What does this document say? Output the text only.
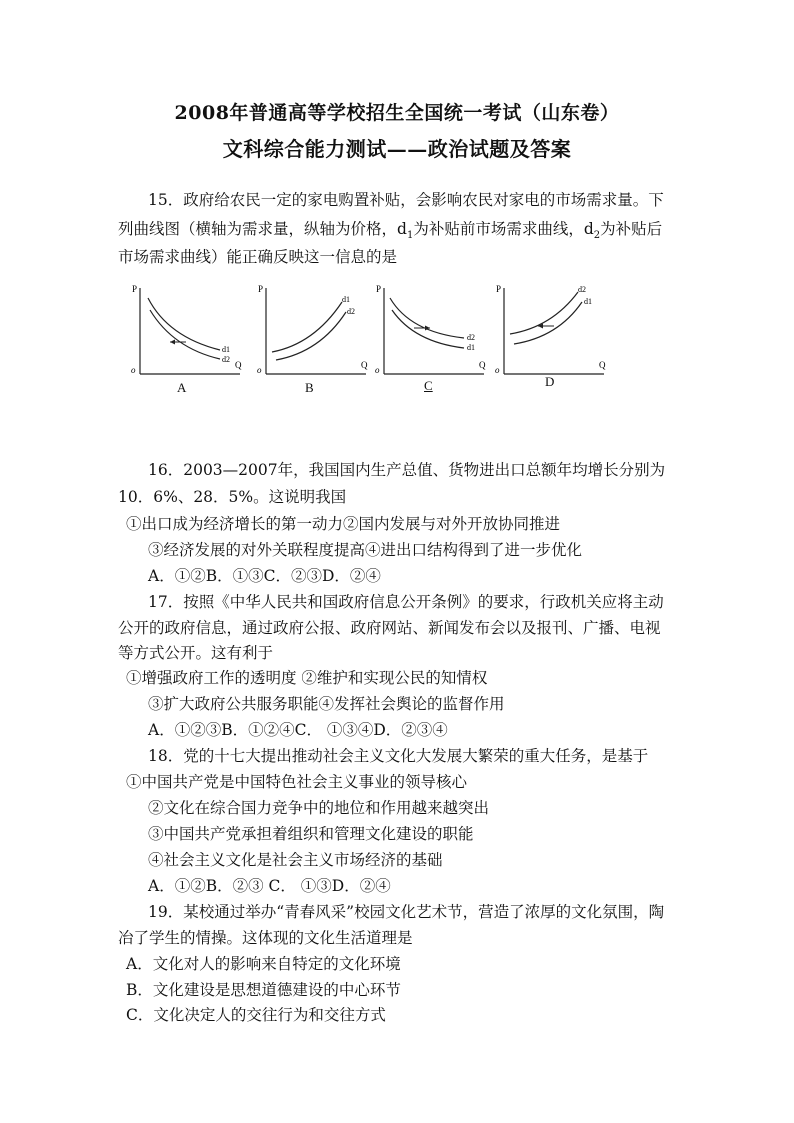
2008年普通高等学校招生全国统一考试（山东卷）
文科综合能力测试——政治试题及答案
15．政府给农民一定的家电购置补贴，会影响农民对家电的市场需求量。下
列曲线图（横轴为需求量，纵轴为价格，$d_1$为补贴前市场需求曲线，$d_2$为补贴后
市场需求曲线）能正确反映这一信息的是
P
Q
o
d1
d2
A
P
Q
o
d1
d2
B
P
Q
o
d2
d1
C
P
Q
o
d2
d1
D
16．2003—2007年，我国国内生产总值、货物进出口总额年均增长分别为
10．6%、28．5%。这说明我国
①出口成为经济增长的第一动力②国内发展与对外开放协同推进
③经济发展的对外关联程度提高④进出口结构得到了进一步优化
A．①②B．①③C．②③D．②④
17．按照《中华人民共和国政府信息公开条例》的要求，行政机关应将主动
公开的政府信息，通过政府公报、政府网站、新闻发布会以及报刊、广播、电视
等方式公开。这有利于
①增强政府工作的透明度 ②维护和实现公民的知情权
③扩大政府公共服务职能④发挥社会舆论的监督作用
A．①②③B．①②④C． ①③④D．②③④
18．党的十七大提出推动社会主义文化大发展大繁荣的重大任务，是基于
①中国共产党是中国特色社会主义事业的领导核心
②文化在综合国力竞争中的地位和作用越来越突出
③中国共产党承担着组织和管理文化建设的职能
④社会主义文化是社会主义市场经济的基础
A．①②B．②③ C． ①③D．②④
19．某校通过举办“青春风采”校园文化艺术节，营造了浓厚的文化氛围，陶
冶了学生的情操。这体现的文化生活道理是
A．文化对人的影响来自特定的文化环境
B．文化建设是思想道德建设的中心环节
C．文化决定人的交往行为和交往方式
